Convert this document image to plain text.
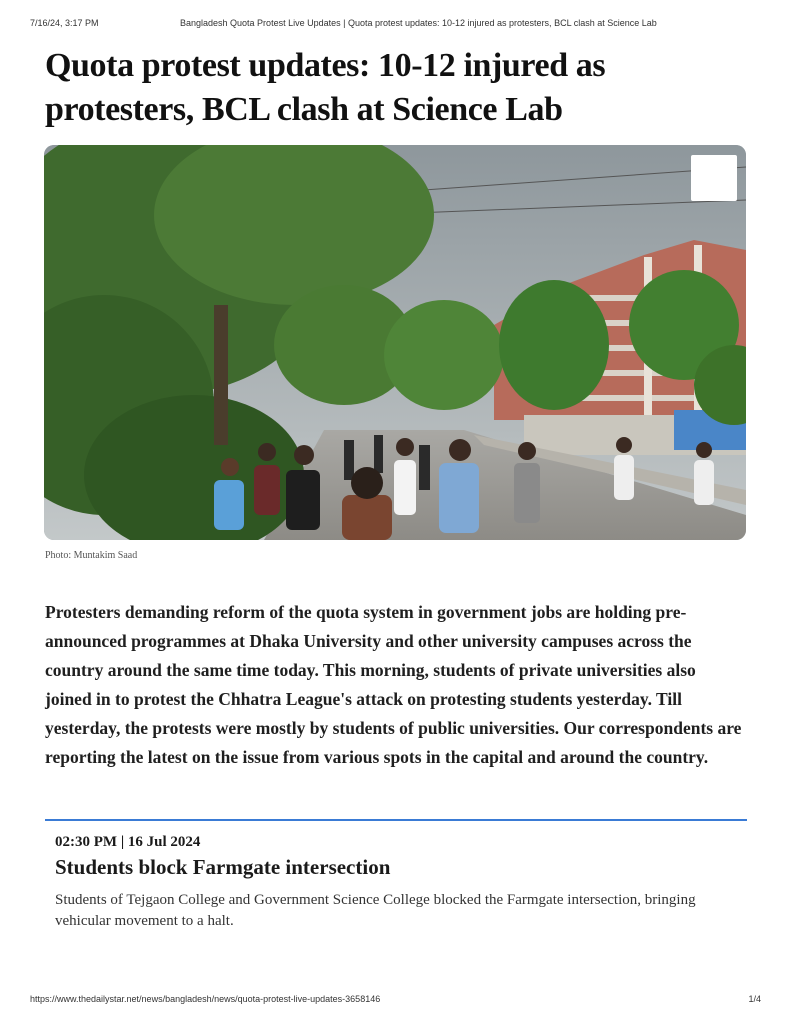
7/16/24, 3:17 PM	Bangladesh Quota Protest Live Updates | Quota protest updates: 10-12 injured as protesters, BCL clash at Science Lab
Quota protest updates: 10-12 injured as protesters, BCL clash at Science Lab
Photo: Muntakim Saad

Protesters demanding reform of the quota system in government jobs are holding pre-announced programmes at Dhaka University and other university campuses across the country around the same time today. This morning, students of private universities also joined in to protest the Chhatra League's attack on protesting students yesterday. Till yesterday, the protests were mostly by students of public universities. Our correspondents are reporting the latest on the issue from various spots in the capital and around the country.

02:30 PM | 16 Jul 2024
Students block Farmgate intersection

Students of Tejgaon College and Government Science College blocked the Farmgate intersection, bringing vehicular movement to a halt.

https://www.thedailystar.net/news/bangladesh/news/quota-protest-live-updates-3658146	1/4
